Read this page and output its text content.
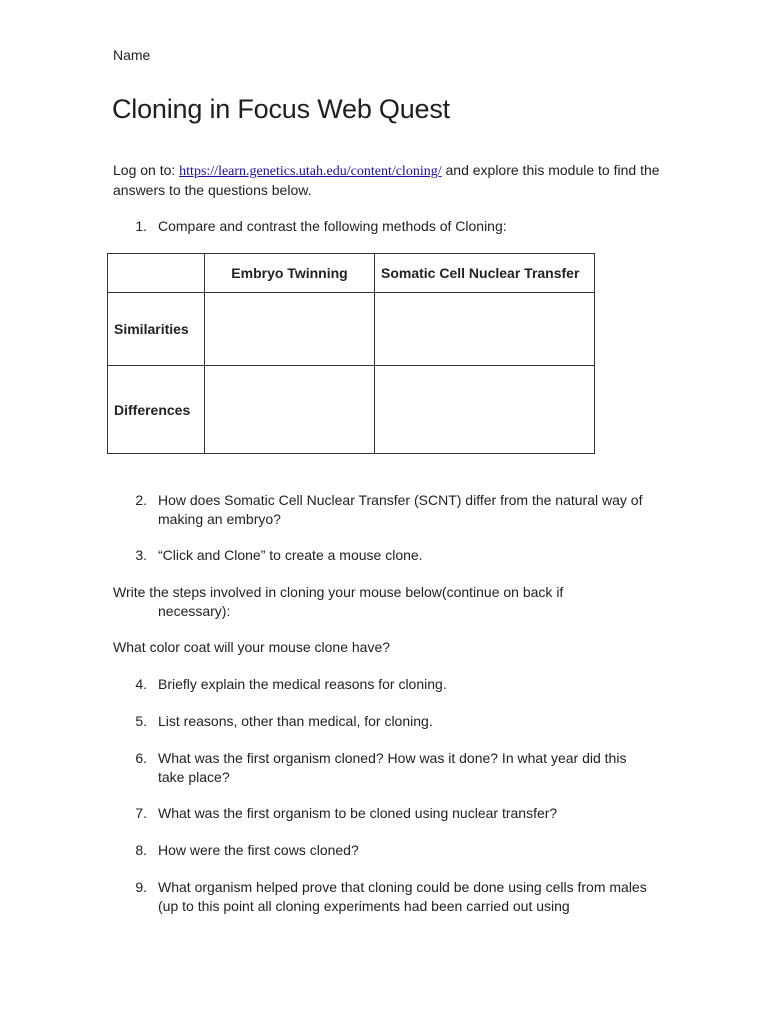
Name
Cloning in Focus Web Quest
Log on to: https://learn.genetics.utah.edu/content/cloning/ and explore this module to find the answers to the questions below.
1. Compare and contrast the following methods of Cloning:
	Embryo Twinning	Somatic Cell Nuclear Transfer
Similarities		
Differences		
2. How does Somatic Cell Nuclear Transfer (SCNT) differ from the natural way of making an embryo?
3. “Click and Clone” to create a mouse clone.
Write the steps involved in cloning your mouse below(continue on back if
necessary):
What color coat will your mouse clone have?
4. Briefly explain the medical reasons for cloning.
5. List reasons, other than medical, for cloning.
6. What was the first organism cloned? How was it done? In what year did this take place?
7. What was the first organism to be cloned using nuclear transfer?
8. How were the first cows cloned?
9. What organism helped prove that cloning could be done using cells from males (up to this point all cloning experiments had been carried out using
